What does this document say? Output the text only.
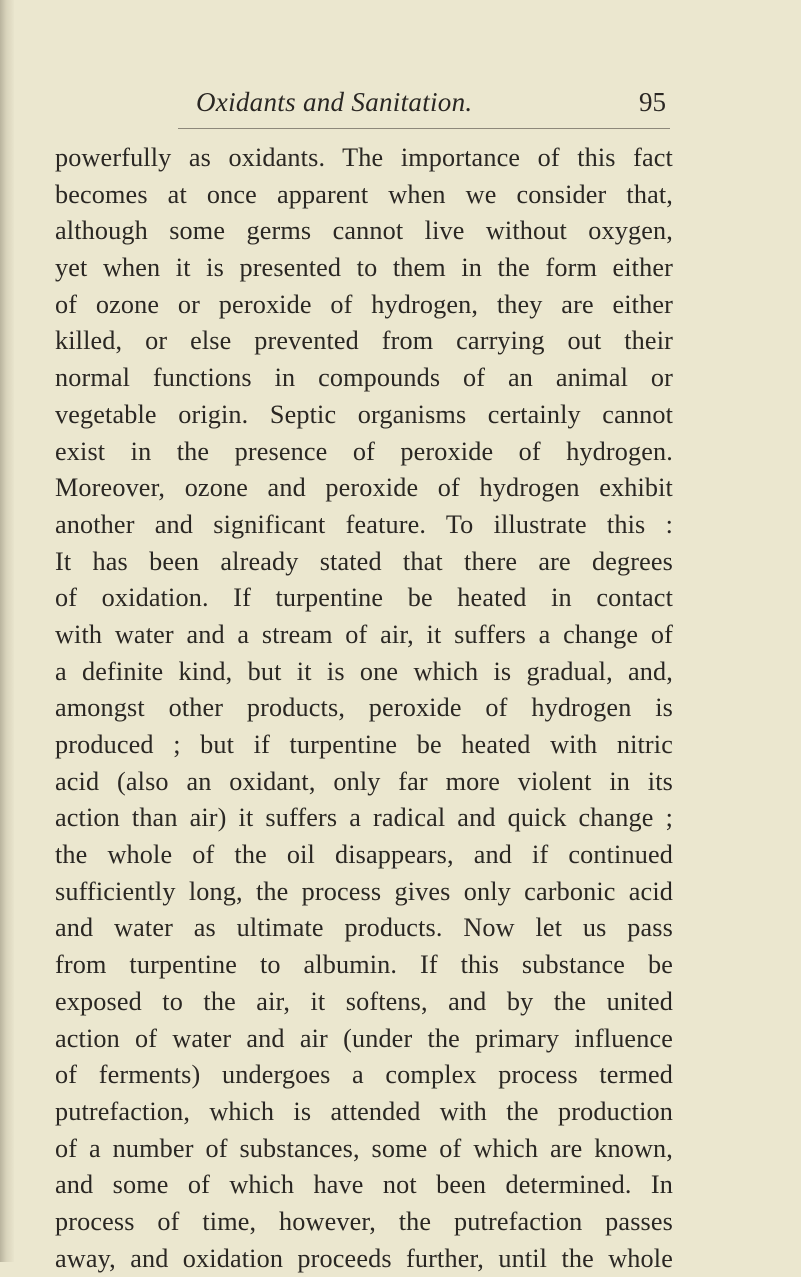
Oxidants and Sanitation.	95
powerfully as oxidants. The importance of this fact
becomes at once apparent when we consider that,
although some germs cannot live without oxygen,
yet when it is presented to them in the form either
of ozone or peroxide of hydrogen, they are either
killed, or else prevented from carrying out their
normal functions in compounds of an animal or
vegetable origin. Septic organisms certainly cannot
exist in the presence of peroxide of hydrogen.
Moreover, ozone and peroxide of hydrogen exhibit
another and significant feature. To illustrate this :
It has been already stated that there are degrees
of oxidation. If turpentine be heated in contact
with water and a stream of air, it suffers a change of
a definite kind, but it is one which is gradual, and,
amongst other products, peroxide of hydrogen is
produced ; but if turpentine be heated with nitric
acid (also an oxidant, only far more violent in its
action than air) it suffers a radical and quick change ;
the whole of the oil disappears, and if continued
sufficiently long, the process gives only carbonic acid
and water as ultimate products. Now let us pass
from turpentine to albumin. If this substance be
exposed to the air, it softens, and by the united
action of water and air (under the primary influence
of ferments) undergoes a complex process termed
putrefaction, which is attended with the production
of a number of substances, some of which are known,
and some of which have not been determined. In
process of time, however, the putrefaction passes
away, and oxidation proceeds further, until the whole
